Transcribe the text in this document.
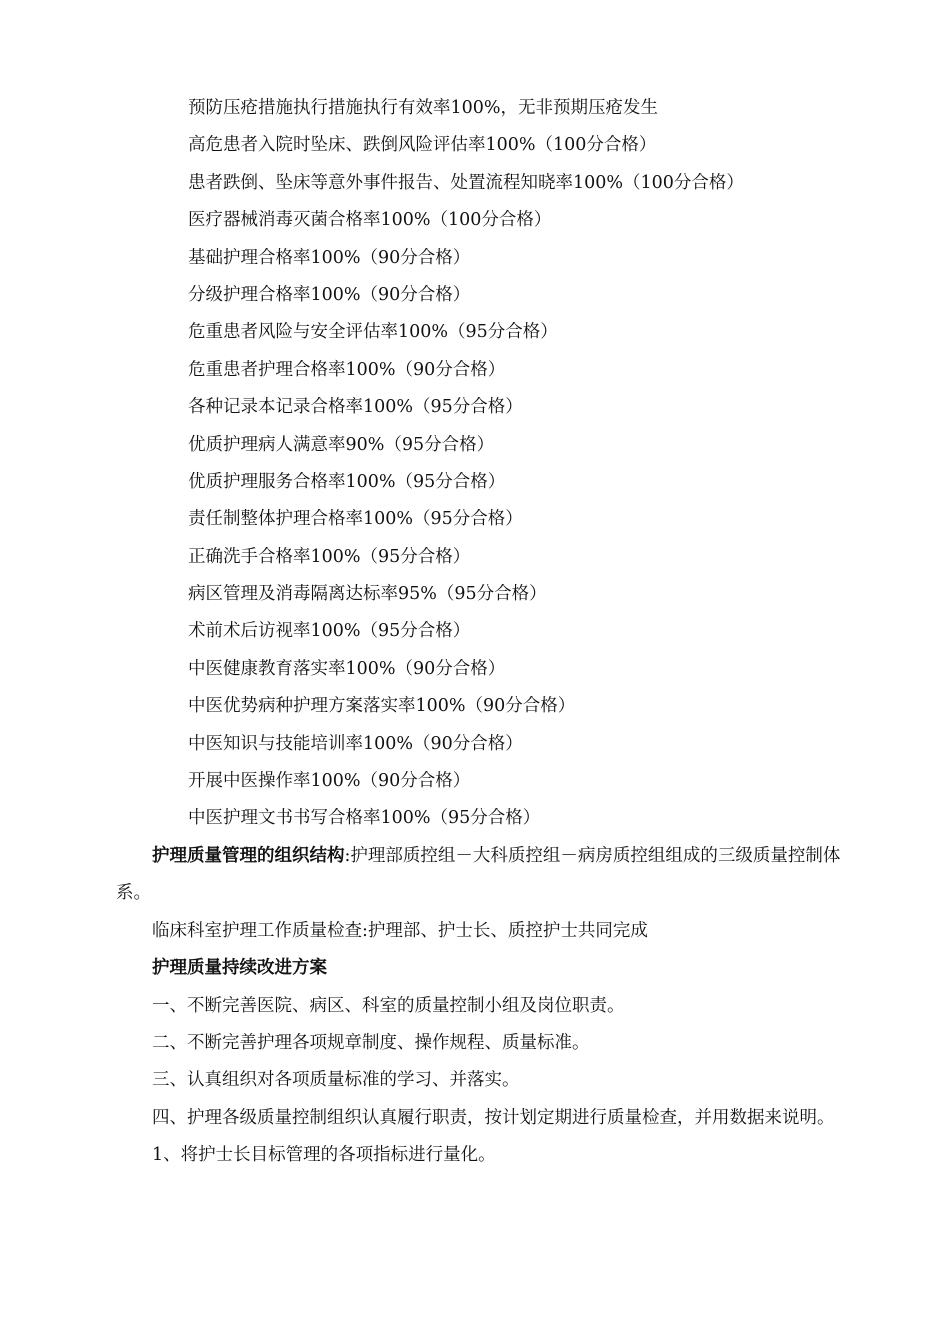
预防压疮措施执行措施执行有效率100%，无非预期压疮发生
高危患者入院时坠床、跌倒风险评估率100%（100分合格）
患者跌倒、坠床等意外事件报告、处置流程知晓率100%（100分合格）
医疗器械消毒灭菌合格率100%（100分合格）
基础护理合格率100%（90分合格）
分级护理合格率100%（90分合格）
危重患者风险与安全评估率100%（95分合格）
危重患者护理合格率100%（90分合格）
各种记录本记录合格率100%（95分合格）
优质护理病人满意率90%（95分合格）
优质护理服务合格率100%（95分合格）
责任制整体护理合格率100%（95分合格）
正确洗手合格率100%（95分合格）
病区管理及消毒隔离达标率95%（95分合格）
术前术后访视率100%（95分合格）
中医健康教育落实率100%（90分合格）
中医优势病种护理方案落实率100%（90分合格）
中医知识与技能培训率100%（90分合格）
开展中医操作率100%（90分合格）
中医护理文书书写合格率100%（95分合格）

护理质量管理的组织结构:护理部质控组－大科质控组－病房质控组组成的三级质量控制体系。

临床科室护理工作质量检查:护理部、护士长、质控护士共同完成

护理质量持续改进方案

一、不断完善医院、病区、科室的质量控制小组及岗位职责。

二、不断完善护理各项规章制度、操作规程、质量标准。

三、认真组织对各项质量标准的学习、并落实。

四、护理各级质量控制组织认真履行职责，按计划定期进行质量检查，并用数据来说明。

1、将护士长目标管理的各项指标进行量化。
